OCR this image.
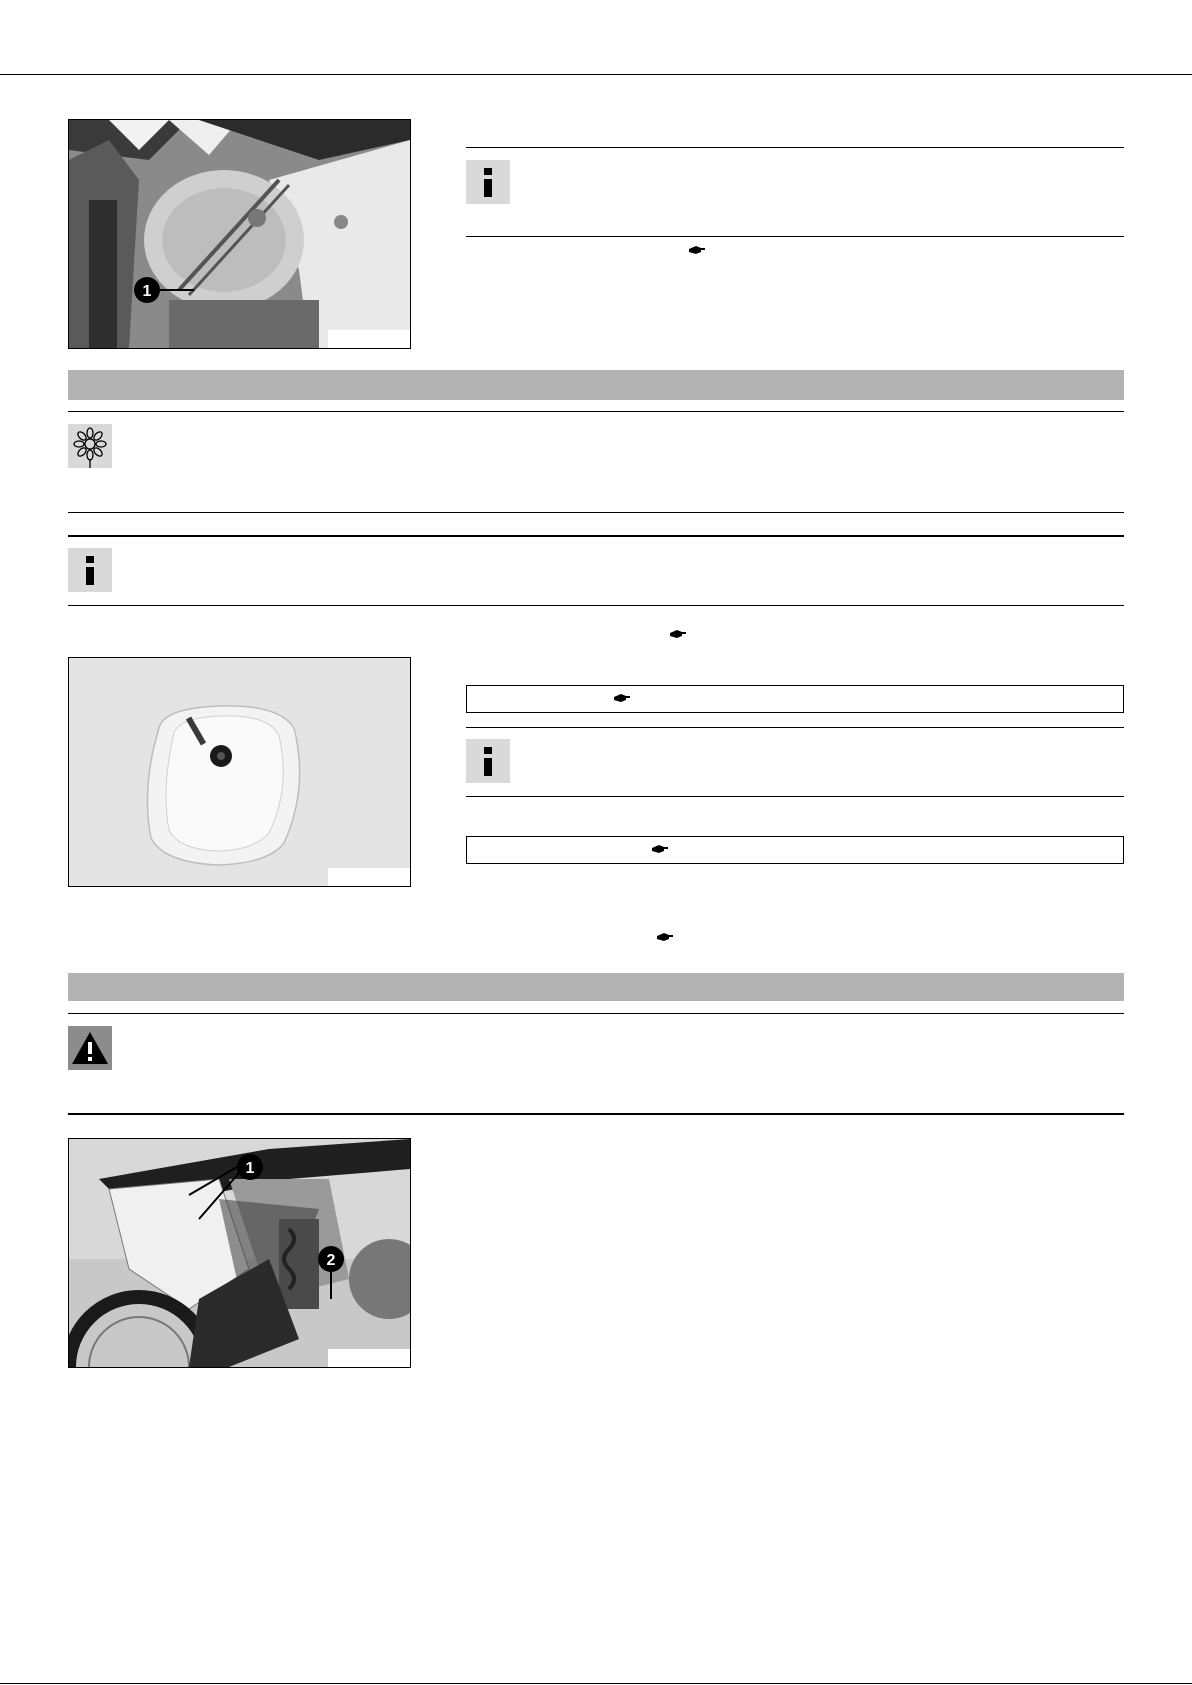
1
1
2
